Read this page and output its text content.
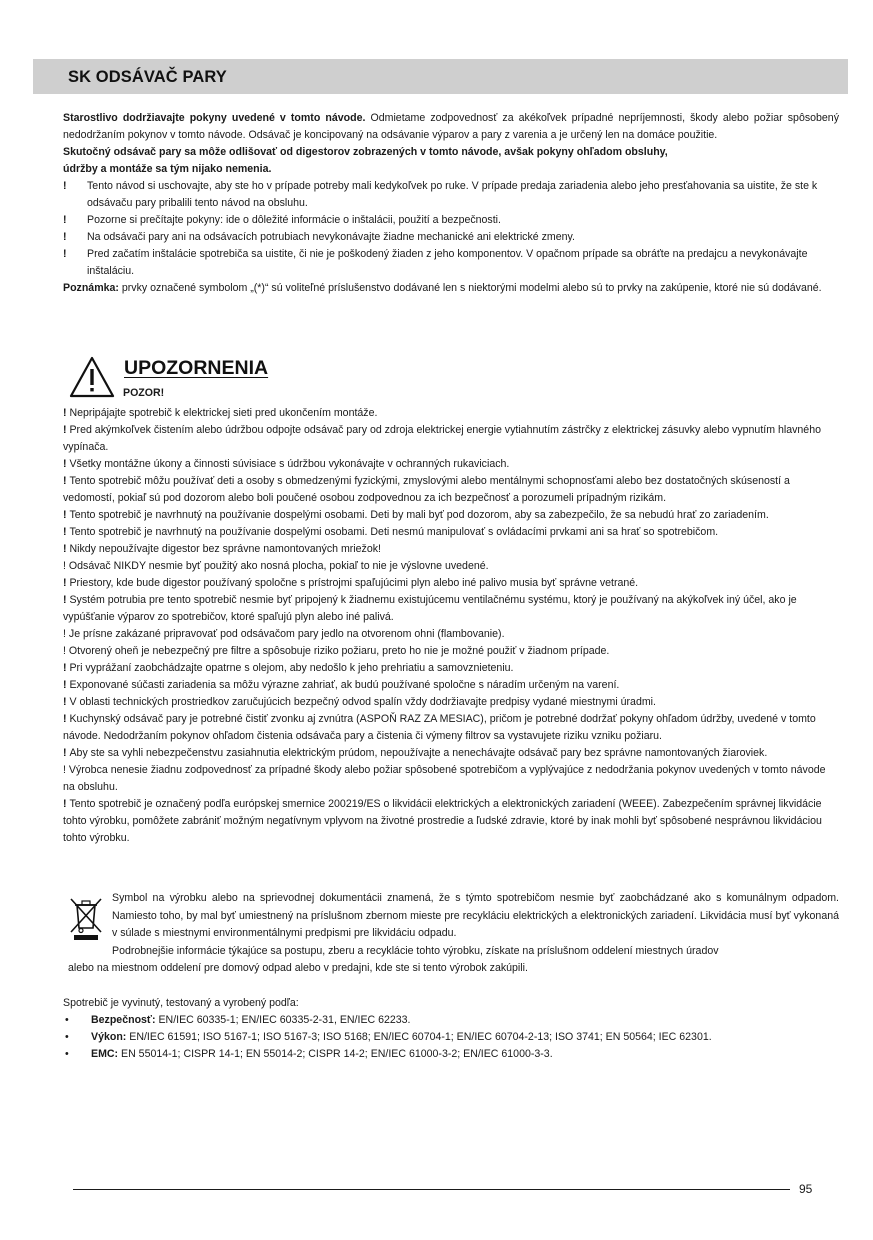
SK ODSÁVAČ PARY
Starostlivo dodržiavajte pokyny uvedené v tomto návode. Odmietame zodpovednosť za akékoľvek prípadné nepríjemnosti, škody alebo požiar spôsobený nedodržaním pokynov v tomto návode. Odsávač je koncipovaný na odsávanie výparov a pary z varenia a je určený len na domáce použitie.
Skutočný odsávač pary sa môže odlišovať od digestorov zobrazených v tomto návode, avšak pokyny ohľadom obsluhy,
údržby a montáže sa tým nijako nemenia.
! Tento návod si uschovajte, aby ste ho v prípade potreby mali kedykoľvek po ruke. V prípade predaja zariadenia alebo jeho presťahovania sa uistite, že ste k odsávaču pary pribalili tento návod na obsluhu.
! Pozorne si prečítajte pokyny: ide o dôležité informácie o inštalácii, použití a bezpečnosti.
! Na odsávači pary ani na odsávacích potrubiach nevykonávajte žiadne mechanické ani elektrické zmeny.
! Pred začatím inštalácie spotrebiča sa uistite, či nie je poškodený žiaden z jeho komponentov. V opačnom prípade sa obráťte na predajcu a nevykonávajte inštaláciu.
Poznámka: prvky označené symbolom „(*)“ sú voliteľné príslušenstvo dodávané len s niektorými modelmi alebo sú to prvky na zakúpenie, ktoré nie sú dodávané.
UPOZORNENIA
POZOR!
! Nepripájajte spotrebič k elektrickej sieti pred ukončením montáže.
! Pred akýmkoľvek čistením alebo údržbou odpojte odsávač pary od zdroja elektrickej energie vytiahnutím zástrčky z elektrickej zásuvky alebo vypnutím hlavného vypínača.
! Všetky montážne úkony a činnosti súvisiace s údržbou vykonávajte v ochranných rukaviciach.
! Tento spotrebič môžu používať deti a osoby s obmedzenými fyzickými, zmyslovými alebo mentálnymi schopnosťami alebo bez dostatočných skúseností a vedomostí, pokiaľ sú pod dozorom alebo boli poučené osobou zodpovednou za ich bezpečnosť a porozumeli prípadným rizikám.
! Tento spotrebič je navrhnutý na používanie dospelými osobami. Deti by mali byť pod dozorom, aby sa zabezpečilo, že sa nebudú hrať zo zariadením.
! Tento spotrebič je navrhnutý na používanie dospelými osobami. Deti nesmú manipulovať s ovládacími prvkami ani sa hrať so spotrebičom.
! Nikdy nepoužívajte digestor bez správne namontovaných mriežok!
! Odsávač NIKDY nesmie byť použitý ako nosná plocha, pokiaľ to nie je výslovne uvedené.
! Priestory, kde bude digestor používaný spoločne s prístrojmi spaľujúcimi plyn alebo iné palivo musia byť správne vetrané.
! Systém potrubia pre tento spotrebič nesmie byť pripojený k žiadnemu existujúcemu ventilačnému systému, ktorý je používaný na akýkoľvek iný účel, ako je vypúšťanie výparov zo spotrebičov, ktoré spaľujú plyn alebo iné palivá.
! Je prísne zakázané pripravovať pod odsávačom pary jedlo na otvorenom ohni (flambovanie).
! Otvorený oheň je nebezpečný pre filtre a spôsobuje riziko požiaru, preto ho nie je možné použiť v žiadnom prípade.
! Pri vyprážaní zaobchádzajte opatrne s olejom, aby nedošlo k jeho prehriatiu a samovznieteniu.
! Exponované súčasti zariadenia sa môžu výrazne zahriať, ak budú používané spoločne s náradím určeným na varení.
! V oblasti technických prostriedkov zaručujúcich bezpečný odvod spalín vždy dodržiavajte predpisy vydané miestnymi úradmi.
! Kuchynský odsávač pary je potrebné čistiť zvonku aj zvnútra (ASPOŇ RAZ ZA MESIAC), pričom je potrebné dodržať pokyny ohľadom údržby, uvedené v tomto návode. Nedodržaním pokynov ohľadom čistenia odsávača pary a čistenia či výmeny filtrov sa vystavujete riziku vzniku požiaru.
! Aby ste sa vyhli nebezpečenstvu zasiahnutia elektrickým prúdom, nepoužívajte a nenechávajte odsávač pary bez správne namontovaných žiaroviek.
! Výrobca nenesie žiadnu zodpovednosť za prípadné škody alebo požiar spôsobené spotrebičom a vyplývajúce z nedodržania pokynov uvedených v tomto návode na obsluhu.
! Tento spotrebič je označený podľa európskej smernice 200219/ES o likvidácii elektrických a elektronických zariadení (WEEE). Zabezpečením správnej likvidácie tohto výrobku, pomôžete zabrániť možným negatívnym vplyvom na životné prostredie a ľudské zdravie, ktoré by inak mohli byť spôsobené nesprávnou likvidáciou tohto výrobku.
Symbol na výrobku alebo na sprievodnej dokumentácii znamená, že s týmto spotrebičom nesmie byť zaobchádzané ako s komunálnym odpadom. Namiesto toho, by mal byť umiestnený na príslušnom zbernom mieste pre recykláciu elektrických a elektronických zariadení. Likvidácia musí byť vykonaná v súlade s miestnymi environmentálnymi predpismi pre likvidáciu odpadu.
Podrobnejšie informácie týkajúce sa postupu, zberu a recyklácie tohto výrobku, získate na príslušnom oddelení miestnych úradov
alebo na miestnom oddelení pre domový odpad alebo v predajni, kde ste si tento výrobok zakúpili.
Spotrebič je vyvinutý, testovaný a vyrobený podľa:
• Bezpečnosť: EN/IEC 60335-1; EN/IEC 60335-2-31, EN/IEC 62233.
• Výkon: EN/IEC 61591; ISO 5167-1; ISO 5167-3; ISO 5168; EN/IEC 60704-1; EN/IEC 60704-2-13; ISO 3741; EN 50564; IEC 62301.
• EMC: EN 55014-1; CISPR 14-1; EN 55014-2; CISPR 14-2; EN/IEC 61000-3-2; EN/IEC 61000-3-3.
95
